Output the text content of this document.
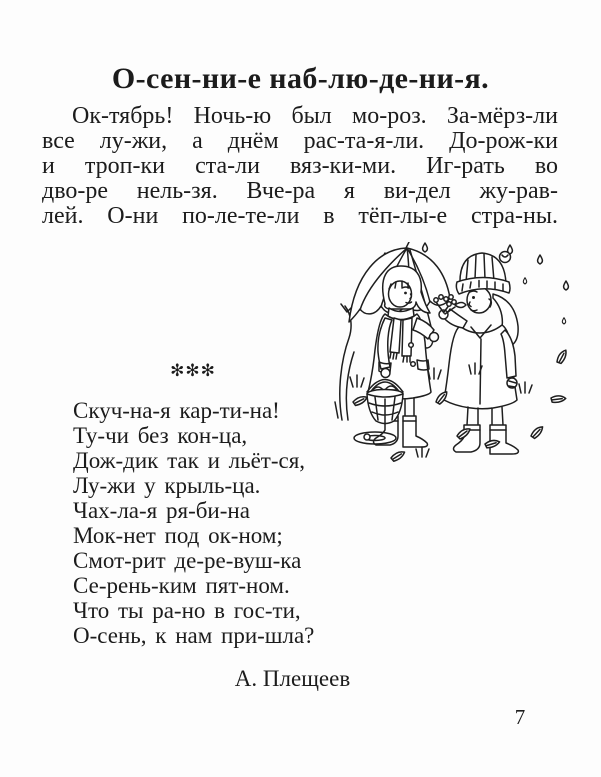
О-сен-ни-е наб-лю-де-ни-я.
Ок-тябрь! Ночь-ю был мо-роз. За-мёрз-ли
все лу-жи, а днём рас-та-я-ли. До-рож-ки
и троп-ки ста-ли вяз-ки-ми. Иг-рать во
дво-ре нель-зя. Вче-ра я ви-дел жу-рав-
лей. О-ни по-ле-те-ли в тёп-лы-е стра-ны.
✻✻✻
Скуч-на-я кар-ти-на!
Ту-чи без кон-ца,
Дож-дик так и льёт-ся,
Лу-жи у крыль-ца.
Чах-ла-я ря-би-на
Мок-нет под ок-ном;
Смот-рит де-ре-вуш-ка
Се-рень-ким пят-ном.
Что ты ра-но в гос-ти,
О-сень, к нам при-шла?
А. Плещеев
7
